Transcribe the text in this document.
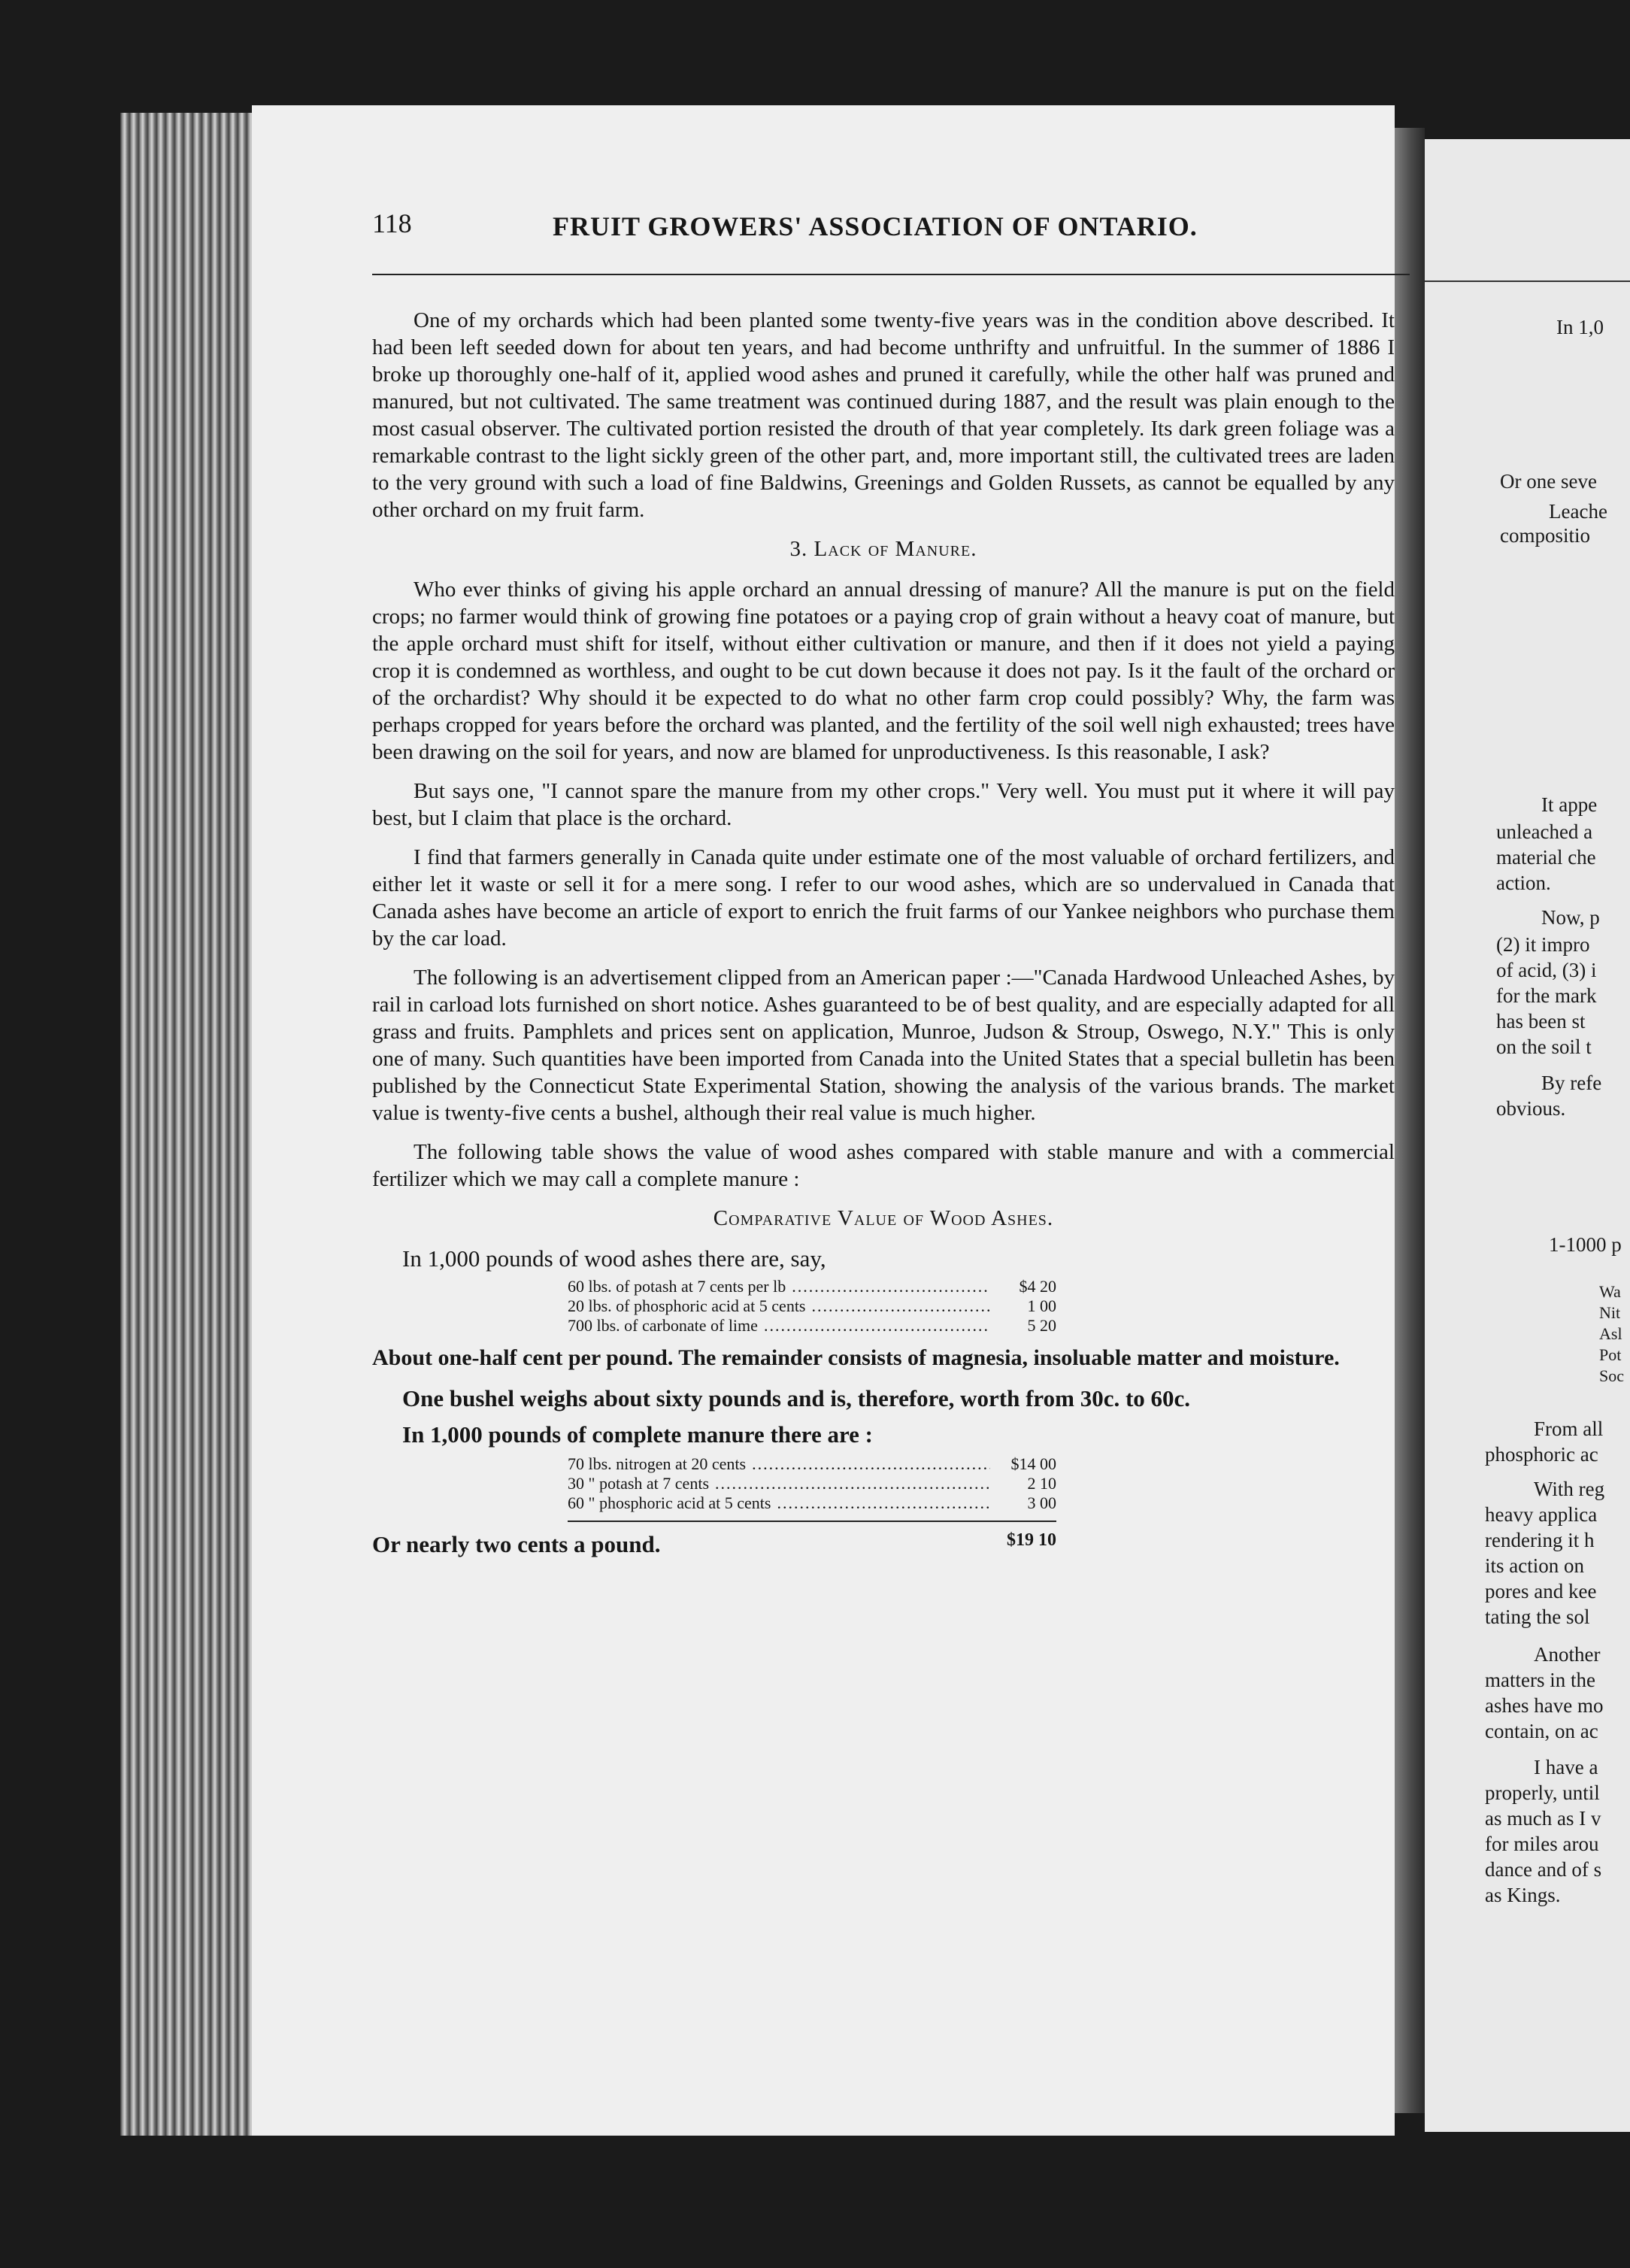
In 1,0
Or one seve
Leache
compositio
It appe
unleached a
material che
action.
Now, p
(2) it impro
of acid, (3) i
for the mark
has been st
on the soil t
By refe
obvious.
1-1000 p
Wa
Nit
Asl
Pot
Soc
From all
phosphoric ac
With reg
heavy applica
rendering it h
its action on
pores and kee
tating the sol
Another
matters in the
ashes have mo
contain, on ac
I have a
properly, until
as much as I v
for miles arou
dance and of s
as Kings.
118	FRUIT GROWERS' ASSOCIATION OF ONTARIO.

One of my orchards which had been planted some twenty-five years was in the condition above described. It had been left seeded down for about ten years, and had become unthrifty and unfruitful. In the summer of 1886 I broke up thoroughly one-half of it, applied wood ashes and pruned it carefully, while the other half was pruned and manured, but not cultivated. The same treatment was continued during 1887, and the result was plain enough to the most casual observer. The cultivated portion resisted the drouth of that year completely. Its dark green foliage was a remarkable contrast to the light sickly green of the other part, and, more important still, the cultivated trees are laden to the very ground with such a load of fine Baldwins, Greenings and Golden Russets, as cannot be equalled by any other orchard on my fruit farm.

3. Lack of Manure.

Who ever thinks of giving his apple orchard an annual dressing of manure? All the manure is put on the field crops; no farmer would think of growing fine potatoes or a paying crop of grain without a heavy coat of manure, but the apple orchard must shift for itself, without either cultivation or manure, and then if it does not yield a paying crop it is condemned as worthless, and ought to be cut down because it does not pay. Is it the fault of the orchard or of the orchardist? Why should it be expected to do what no other farm crop could possibly? Why, the farm was perhaps cropped for years before the orchard was planted, and the fertility of the soil well nigh exhausted; trees have been drawing on the soil for years, and now are blamed for unproductiveness. Is this reasonable, I ask?

But says one, "I cannot spare the manure from my other crops." Very well. You must put it where it will pay best, but I claim that place is the orchard.

I find that farmers generally in Canada quite under estimate one of the most valuable of orchard fertilizers, and either let it waste or sell it for a mere song. I refer to our wood ashes, which are so undervalued in Canada that Canada ashes have become an article of export to enrich the fruit farms of our Yankee neighbors who purchase them by the car load.

The following is an advertisement clipped from an American paper :—"Canada Hardwood Unleached Ashes, by rail in carload lots furnished on short notice. Ashes guaranteed to be of best quality, and are especially adapted for all grass and fruits. Pamphlets and prices sent on application, Munroe, Judson & Stroup, Oswego, N.Y." This is only one of many. Such quantities have been imported from Canada into the United States that a special bulletin has been published by the Connecticut State Experimental Station, showing the analysis of the various brands. The market value is twenty-five cents a bushel, although their real value is much higher.

The following table shows the value of wood ashes compared with stable manure and with a commercial fertilizer which we may call a complete manure :

Comparative Value of Wood Ashes.
In 1,000 pounds of wood ashes there are, say,
60 lbs. of potash at 7 cents per lb .....	$4 20
20 lbs. of phosphoric acid at 5 cents .....	1 00
700 lbs. of carbonate of lime .....	5 20
About one-half cent per pound. The remainder consists of magnesia, insoluable matter and moisture.
One bushel weighs about sixty pounds and is, therefore, worth from 30c. to 60c.
In 1,000 pounds of complete manure there are :
70 lbs. nitrogen at 20 cents .....	$14 00
30 " potash at 7 cents .....	2 10
60 " phosphoric acid at 5 cents .....	3 00
$19 10
Or nearly two cents a pound.
